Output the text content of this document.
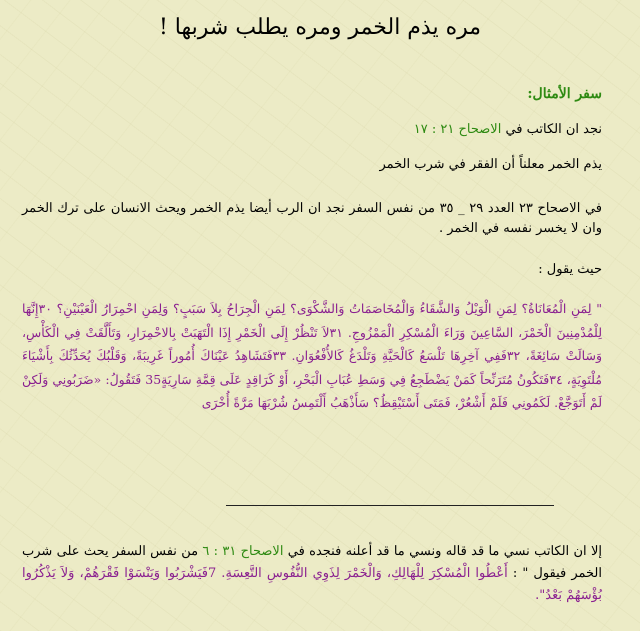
مره يذم الخمر ومره يطلب شربها !

سفر الأمثال:

نجد ان الكاتب في الاصحاح ٢١ : ١٧

يذم الخمر معلناً أن الفقر في شرب الخمر

في الاصحاح ٢٣ العدد ٢٩ _ ٣٥ من نفس السفر نجد ان الرب أيضا يذم الخمر ويحث الانسان على ترك الخمر وان لا يخسر نفسه في الخمر .

حيث يقول :

" لِمَنِ الْمُعَانَاةُ؟ لِمَنِ الْوَيْلُ وَالشَّقَاءُ وَالْمُخَاصَمَاتُ وَالشَّكْوَى؟ لِمَنِ الْجِرَاحُ بِلاَ سَبَبٍ؟ وَلِمَنِ احْمِرَارُ الْعَيْنَيْنِ؟ ٣٠إِنَّهَا لِلْمُدْمِنِينَ الْخَمْرَ، السَّاعِينَ وَرَاءَ الْمُسْكِرِ الْمَمْزُوجِ. ٣١لاَ تَنْظُرْ إِلَى الْخَمْرِ إِذَا الْتَهَبَتْ بِالاحْمِرَارِ، وَتَأَلَّقَتْ فِي الْكَأْسِ، وَسَالَتْ سَائِغَةً، ٣٢فَفِي آخِرِهَا تَلْسَعُ كَالْحَيَّةِ وَتَلْدَغُ كَالأُفْعُوَانِ. ٣٣فَتَشَاهِدُ عَيْنَاكَ أُمُوراً غَرِيبَةً، وَقَلْبُكَ يُحَدِّثُكَ بِأَشْيَاءَ مُلْتَوِيَةٍ، ٣٤فَتَكُونُ مُتَرَنِّحاً كَمَنْ يَضْطَجِعُ فِي وَسَطِ عُبَابِ الْبَحْرِ، أَوْ كَرَاقِدٍ عَلَى قِمَّةِ سَارِيَةٍ35 فَتَقُولُ: «ضَرَبُونِي وَلَكِنْ لَمْ أَتَوَجَّعْ. لَكَمُونِي فَلَمْ أَشْعُرْ، فَمَتَى أَسْتَيْقِظُ؟ سَأَذْهَبُ أَلْتَمِسُ شُرْبَهَا مَرَّةً أُخْرَى

إلا ان الكاتب نسي ما قد قاله ونسي ما قد أعلنه فنجده في الاصحاح ٣١ : ٦ من نفس السفر يحث على شرب الخمر فيقول " : أَعْطُوا الْمُسْكِرَ لِلْهَالِكِ، وَالْخَمْرَ لِذَوِي النُّفُوسِ التَّعِسَةِ. 7فَيَشْرَبُوا وَيَنْسَوْا فَقْرَهُمْ، وَلاَ يَذْكُرُوا بُؤْسَهُمْ بَعْدُ".
